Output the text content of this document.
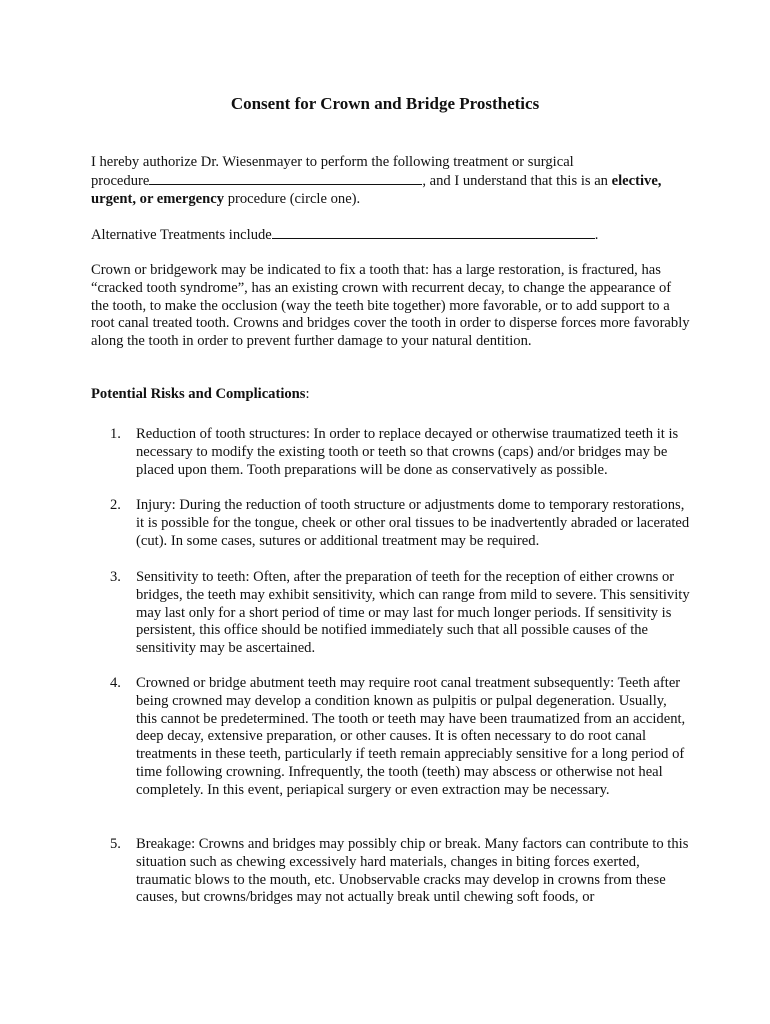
Consent for Crown and Bridge Prosthetics

I hereby authorize Dr. Wiesenmayer to perform the following treatment or surgical
procedure	, and I understand that this is an elective,
urgent, or emergency procedure (circle one).

Alternative Treatments include	.

Crown or bridgework may be indicated to fix a tooth that: has a large restoration, is fractured, has “cracked tooth syndrome”, has an existing crown with recurrent decay, to change the appearance of the tooth, to make the occlusion (way the teeth bite together) more favorable, or to add support to a root canal treated tooth. Crowns and bridges cover the tooth in order to disperse forces more favorably along the tooth in order to prevent further damage to your natural dentition.

Potential Risks and Complications:

1. Reduction of tooth structures: In order to replace decayed or otherwise traumatized teeth it is necessary to modify the existing tooth or teeth so that crowns (caps) and/or bridges may be placed upon them. Tooth preparations will be done as conservatively as possible.
2. Injury: During the reduction of tooth structure or adjustments dome to temporary restorations, it is possible for the tongue, cheek or other oral tissues to be inadvertently abraded or lacerated (cut). In some cases, sutures or additional treatment may be required.
3. Sensitivity to teeth: Often, after the preparation of teeth for the reception of either crowns or bridges, the teeth may exhibit sensitivity, which can range from mild to severe. This sensitivity may last only for a short period of time or may last for much longer periods. If sensitivity is persistent, this office should be notified immediately such that all possible causes of the sensitivity may be ascertained.
4. Crowned or bridge abutment teeth may require root canal treatment subsequently: Teeth after being crowned may develop a condition known as pulpitis or pulpal degeneration. Usually, this cannot be predetermined. The tooth or teeth may have been traumatized from an accident, deep decay, extensive preparation, or other causes. It is often necessary to do root canal treatments in these teeth, particularly if teeth remain appreciably sensitive for a long period of time following crowning. Infrequently, the tooth (teeth) may abscess or otherwise not heal completely. In this event, periapical surgery or even extraction may be necessary.
5. Breakage: Crowns and bridges may possibly chip or break. Many factors can contribute to this situation such as chewing excessively hard materials, changes in biting forces exerted, traumatic blows to the mouth, etc. Unobservable cracks may develop in crowns from these causes, but crowns/bridges may not actually break until chewing soft foods, or
